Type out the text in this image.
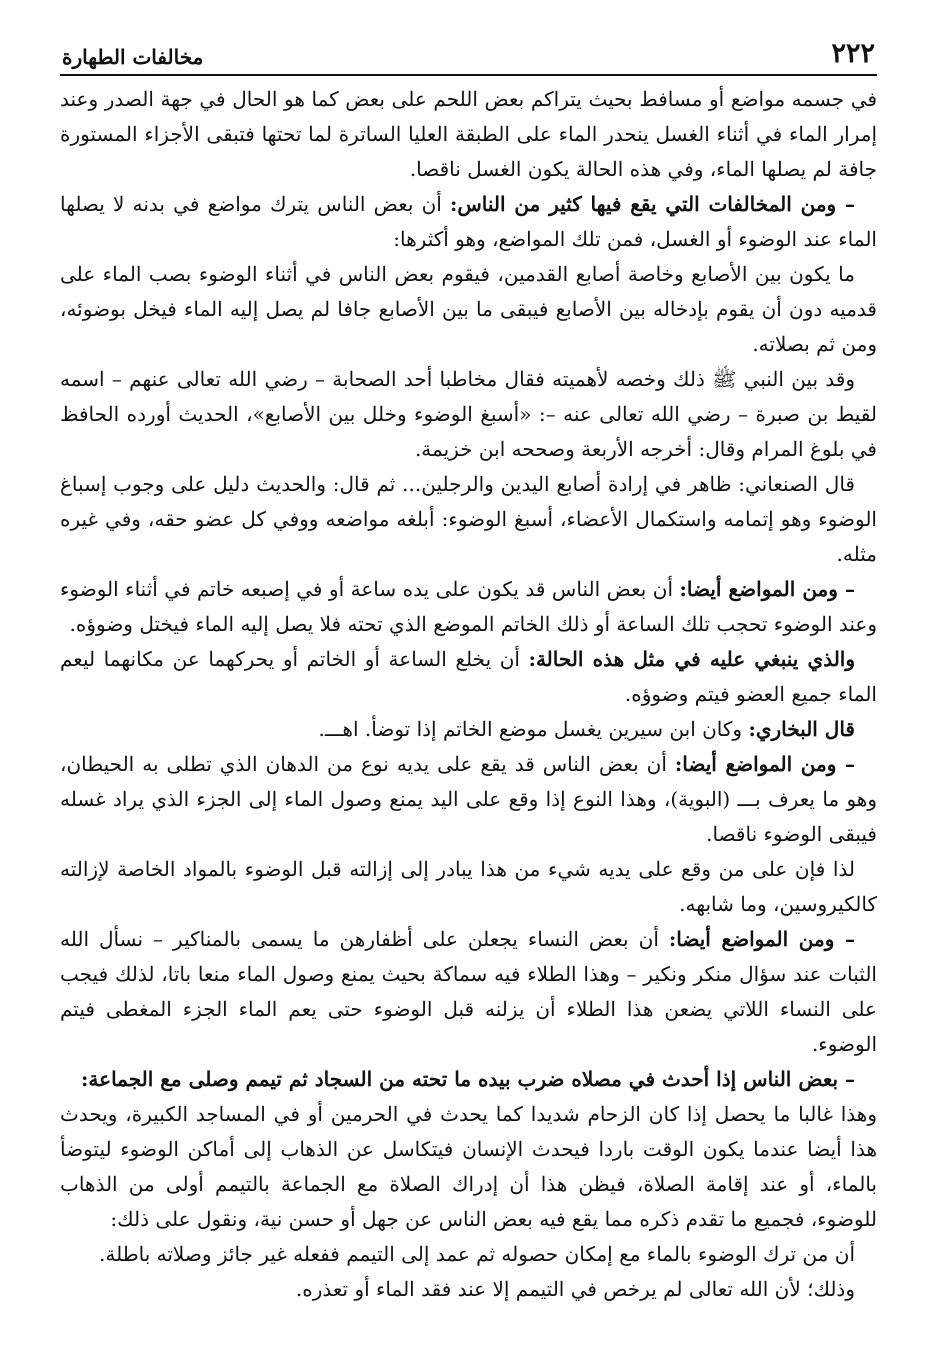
٢٢٢
مخالفات الطهارة

في جسمه مواضع أو مسافط بحيث يتراكم بعض اللحم على بعض كما هو الحال في جهة الصدر وعند إمرار الماء في أثناء الغسل ينحدر الماء على الطبقة العليا الساترة لما تحتها فتبقى الأجزاء المستورة جافة لم يصلها الماء، وفي هذه الحالة يكون الغسل ناقصا.

– ومن المخالفات التي يقع فيها كثير من الناس: أن بعض الناس يترك مواضع في بدنه لا يصلها الماء عند الوضوء أو الغسل، فمن تلك المواضع، وهو أكثرها:

ما يكون بين الأصابع وخاصة أصابع القدمين، فيقوم بعض الناس في أثناء الوضوء بصب الماء على قدميه دون أن يقوم بإدخاله بين الأصابع فيبقى ما بين الأصابع جافا لم يصل إليه الماء فيخل بوضوئه، ومن ثم بصلاته.

وقد بين النبي ﷺ ذلك وخصه لأهميته فقال مخاطبا أحد الصحابة – رضي الله تعالى عنهم – اسمه لقيط بن صبرة – رضي الله تعالى عنه –: «أسبغ الوضوء وخلل بين الأصابع»، الحديث أورده الحافظ في بلوغ المرام وقال: أخرجه الأربعة وصححه ابن خزيمة.

قال الصنعاني: ظاهر في إرادة أصابع اليدين والرجلين... ثم قال: والحديث دليل على وجوب إسباغ الوضوء وهو إتمامه واستكمال الأعضاء، أسبغ الوضوء: أبلغه مواضعه ووفي كل عضو حقه، وفي غيره مثله.

– ومن المواضع أيضا: أن بعض الناس قد يكون على يده ساعة أو في إصبعه خاتم في أثناء الوضوء وعند الوضوء تحجب تلك الساعة أو ذلك الخاتم الموضع الذي تحته فلا يصل إليه الماء فيختل وضوؤه.

والذي ينبغي عليه في مثل هذه الحالة: أن يخلع الساعة أو الخاتم أو يحركهما عن مكانهما ليعم الماء جميع العضو فيتم وضوؤه.

قال البخاري: وكان ابن سيرين يغسل موضع الخاتم إذا توضأ. اهـــ.

– ومن المواضع أيضا: أن بعض الناس قد يقع على يديه نوع من الدهان الذي تطلى به الحيطان، وهو ما يعرف بـــ (البوية)، وهذا النوع إذا وقع على اليد يمنع وصول الماء إلى الجزء الذي يراد غسله فيبقى الوضوء ناقصا.

لذا فإن على من وقع على يديه شيء من هذا يبادر إلى إزالته قبل الوضوء بالمواد الخاصة لإزالته كالكيروسين، وما شابهه.

– ومن المواضع أيضا: أن بعض النساء يجعلن على أظفارهن ما يسمى بالمناكير – نسأل الله الثبات عند سؤال منكر ونكير – وهذا الطلاء فيه سماكة بحيث يمنع وصول الماء منعا باتا، لذلك فيجب على النساء اللاتي يضعن هذا الطلاء أن يزلنه قبل الوضوء حتى يعم الماء الجزء المغطى فيتم الوضوء.

– بعض الناس إذا أحدث في مصلاه ضرب بيده ما تحته من السجاد ثم تيمم وصلى مع الجماعة:

وهذا غالبا ما يحصل إذا كان الزحام شديدا كما يحدث في الحرمين أو في المساجد الكبيرة، ويحدث هذا أيضا عندما يكون الوقت باردا فيحدث الإنسان فيتكاسل عن الذهاب إلى أماكن الوضوء ليتوضأ بالماء، أو عند إقامة الصلاة، فيظن هذا أن إدراك الصلاة مع الجماعة بالتيمم أولى من الذهاب للوضوء، فجميع ما تقدم ذكره مما يقع فيه بعض الناس عن جهل أو حسن نية، ونقول على ذلك:

أن من ترك الوضوء بالماء مع إمكان حصوله ثم عمد إلى التيمم ففعله غير جائز وصلاته باطلة.

وذلك؛ لأن الله تعالى لم يرخص في التيمم إلا عند فقد الماء أو تعذره.
